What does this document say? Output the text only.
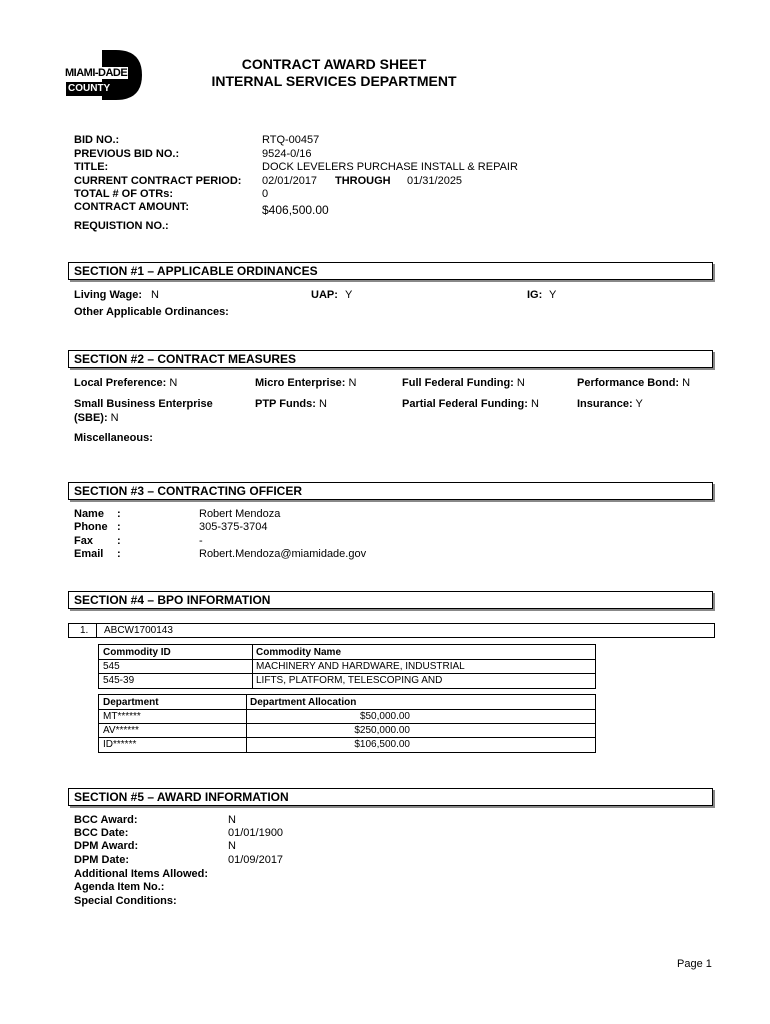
MIAMI-DADE
COUNTY
CONTRACT AWARD SHEET
INTERNAL SERVICES DEPARTMENT
BID NO.:	RTQ-00457
PREVIOUS BID NO.:	9524-0/16
TITLE:	DOCK LEVELERS PURCHASE INSTALL & REPAIR
CURRENT CONTRACT PERIOD: 02/01/2017 THROUGH 01/31/2025
TOTAL # OF OTRs:	0
CONTRACT AMOUNT:	$406,500.00
REQUISTION NO.:
SECTION #1 – APPLICABLE ORDINANCES
Living Wage: N	UAP: Y	IG: Y
Other Applicable Ordinances:
SECTION #2 – CONTRACT MEASURES
Local Preference: N	Micro Enterprise: N	Full Federal Funding: N	Performance Bond: N
Small Business Enterprise
(SBE): N
PTP Funds: N	Partial Federal Funding: N	Insurance: Y
Miscellaneous:
SECTION #3 – CONTRACTING OFFICER
Name :	Robert Mendoza
Phone :	305-375-3704
Fax :	-
Email :	Robert.Mendoza@miamidade.gov
SECTION #4 – BPO INFORMATION
1. ABCW1700143
Commodity ID	Commodity Name
545	MACHINERY AND HARDWARE, INDUSTRIAL
545-39	LIFTS, PLATFORM, TELESCOPING AND
Department	Department Allocation
MT******	$50,000.00
AV******	$250,000.00
ID******	$106,500.00
SECTION #5 – AWARD INFORMATION
BCC Award:	N
BCC Date:	01/01/1900
DPM Award:	N
DPM Date:	01/09/2017
Additional Items Allowed:
Agenda Item No.:
Special Conditions:
Page 1
